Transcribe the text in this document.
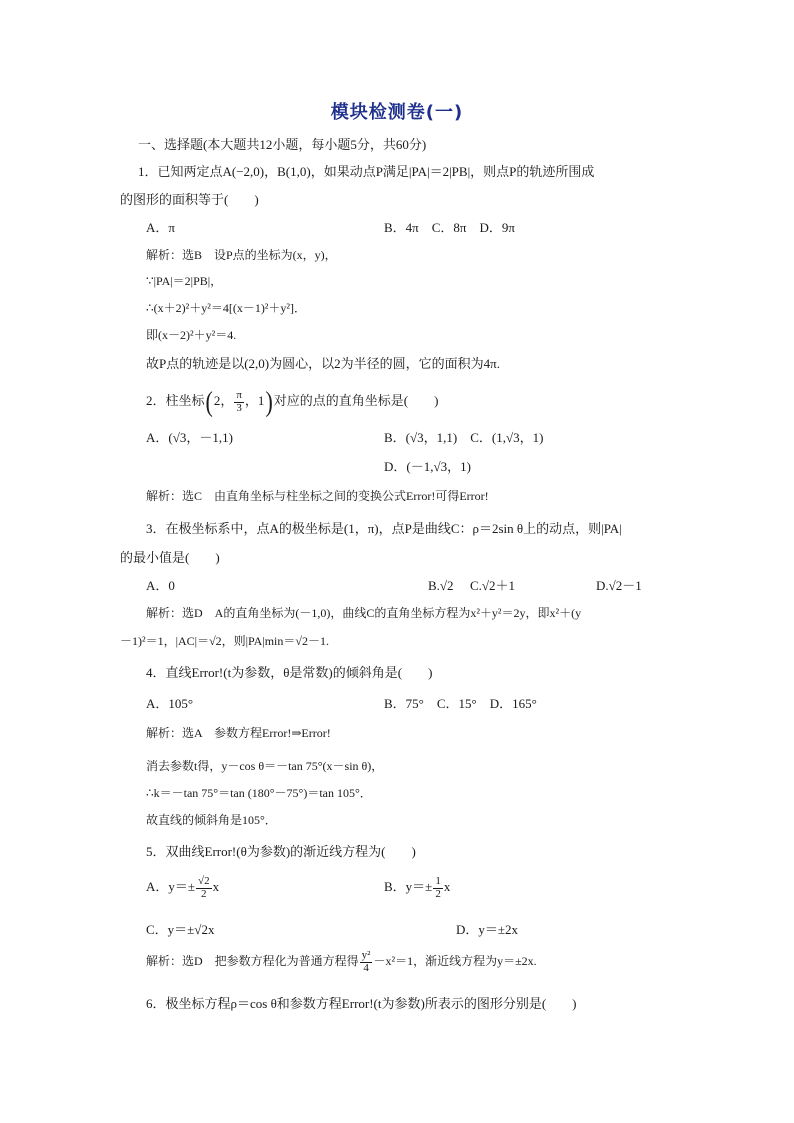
模块检测卷(一)
一、选择题(本大题共12小题，每小题5分，共60分)
1．已知两定点A(−2,0)，B(1,0)，如果动点P满足|PA|＝2|PB|，则点P的轨迹所围成
的图形的面积等于(　　)
A．π	B．4π　C．8π　D．9π
解析：选B　设P点的坐标为(x，y)，
∵|PA|＝2|PB|，
∴(x＋2)²＋y²＝4[(x－1)²＋y²]．
即(x－2)²＋y²＝4.
故P点的轨迹是以(2,0)为圆心，以2为半径的圆，它的面积为4π.
2．柱坐标(2， $\frac{\pi}{3}$ ，1)对应的点的直角坐标是(　　)
A．(√3，－1,1)	B．(√3，1,1)　C．(1,√3，1)
D．(－1,√3，1)
解析：选C　由直角坐标与柱坐标之间的变换公式Error!可得Error!
3．在极坐标系中，点A的极坐标是(1，π)，点P是曲线C：ρ＝2sin θ上的动点，则|PA|
的最小值是(　　)
A．0	B.√2 C.√2＋1	D.√2－1
解析：选D　A的直角坐标为(－1,0)，曲线C的直角坐标方程为x²＋y²＝2y，即x²＋(y
－1)²＝1，|AC|＝√2，则|PA|min＝√2－1.
4．直线Error!(t为参数，θ是常数)的倾斜角是(　　)
A．105°	B．75°　C．15°　D．165°
解析：选A　参数方程Error!⇒Error!
消去参数t得，y－cos θ＝－tan 75°(x－sin θ)，
∴k＝－tan 75°＝tan (180°－75°)＝tan 105°．
故直线的倾斜角是105°．
5．双曲线Error!(θ为参数)的渐近线方程为(　　)
A．$y=\pm \frac{√2}{2}$ x	B．$y=\pm \frac{1}{2}$ x
C．y＝±√2x	D．y＝±2x
解析：选D　把参数方程化为普通方程得 $\frac{\text{y²}}{4} -x^2=1$，渐近线方程为y＝±2x.
6．极坐标方程ρ＝cos θ和参数方程Error!(t为参数)所表示的图形分别是(　　)
